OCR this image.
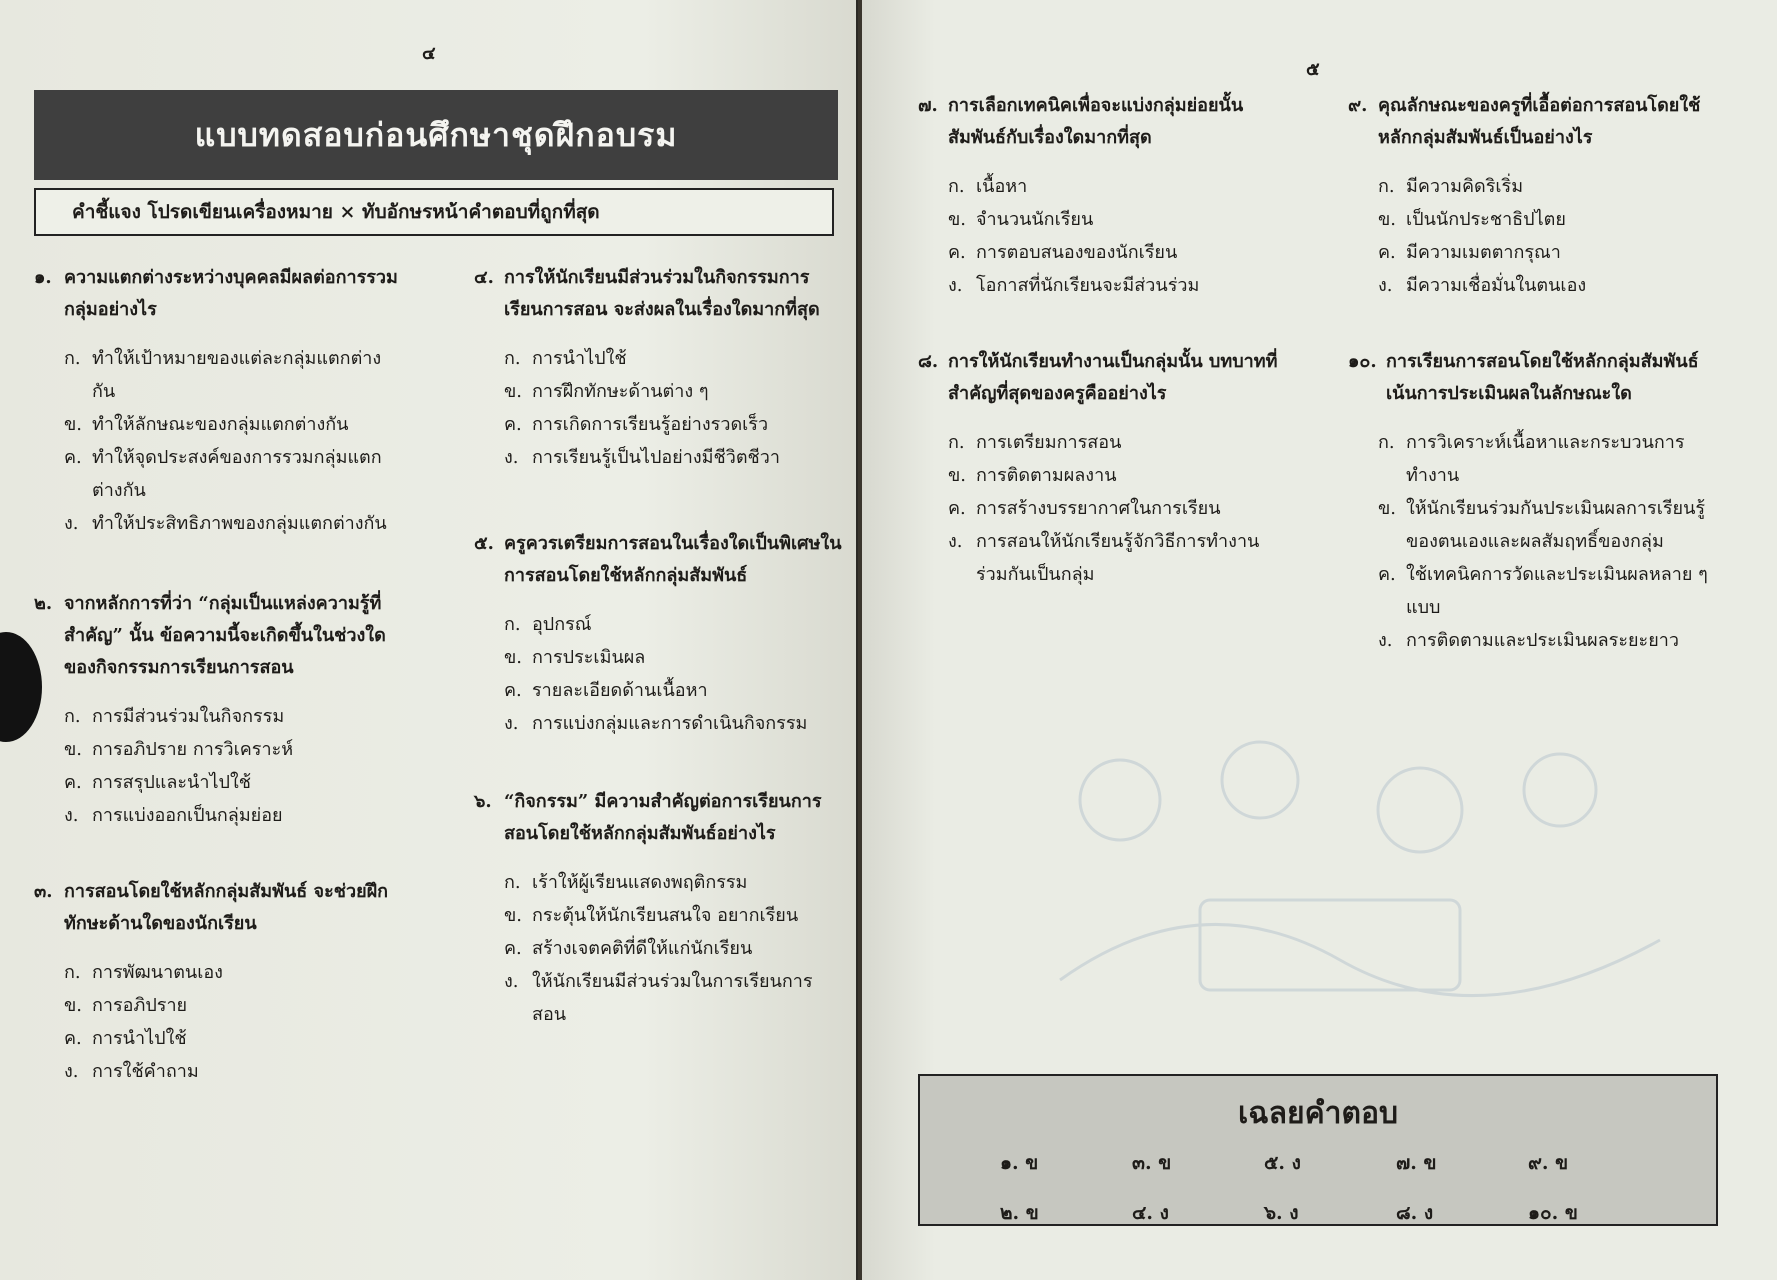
๔
แบบทดสอบก่อนศึกษาชุดฝึกอบรม
คำชี้แจง โปรดเขียนเครื่องหมาย × ทับอักษรหน้าคำตอบที่ถูกที่สุด
๕
๑. ความแตกต่างระหว่างบุคคลมีผลต่อการรวมกลุ่มอย่างไร
ก. ทำให้เป้าหมายของแต่ละกลุ่มแตกต่างกัน
ข. ทำให้ลักษณะของกลุ่มแตกต่างกัน
ค. ทำให้จุดประสงค์ของการรวมกลุ่มแตกต่างกัน
ง. ทำให้ประสิทธิภาพของกลุ่มแตกต่างกัน
๒. จากหลักการที่ว่า “กลุ่มเป็นแหล่งความรู้ที่สำคัญ” นั้น ข้อความนี้จะเกิดขึ้นในช่วงใดของกิจกรรมการเรียนการสอน
ก. การมีส่วนร่วมในกิจกรรม
ข. การอภิปราย การวิเคราะห์
ค. การสรุปและนำไปใช้
ง. การแบ่งออกเป็นกลุ่มย่อย
๓. การสอนโดยใช้หลักกลุ่มสัมพันธ์ จะช่วยฝึกทักษะด้านใดของนักเรียน
ก. การพัฒนาตนเอง
ข. การอภิปราย
ค. การนำไปใช้
ง. การใช้คำถาม
๔. การให้นักเรียนมีส่วนร่วมในกิจกรรมการเรียนการสอน จะส่งผลในเรื่องใดมากที่สุด
ก. การนำไปใช้
ข. การฝึกทักษะด้านต่าง ๆ
ค. การเกิดการเรียนรู้อย่างรวดเร็ว
ง. การเรียนรู้เป็นไปอย่างมีชีวิตชีวา
๕. ครูควรเตรียมการสอนในเรื่องใดเป็นพิเศษในการสอนโดยใช้หลักกลุ่มสัมพันธ์
ก. อุปกรณ์
ข. การประเมินผล
ค. รายละเอียดด้านเนื้อหา
ง. การแบ่งกลุ่มและการดำเนินกิจกรรม
๖. “กิจกรรม” มีความสำคัญต่อการเรียนการสอนโดยใช้หลักกลุ่มสัมพันธ์อย่างไร
ก. เร้าให้ผู้เรียนแสดงพฤติกรรม
ข. กระตุ้นให้นักเรียนสนใจ อยากเรียน
ค. สร้างเจตคติที่ดีให้แก่นักเรียน
ง. ให้นักเรียนมีส่วนร่วมในการเรียนการสอน
๗. การเลือกเทคนิคเพื่อจะแบ่งกลุ่มย่อยนั้นสัมพันธ์กับเรื่องใดมากที่สุด
ก. เนื้อหา
ข. จำนวนนักเรียน
ค. การตอบสนองของนักเรียน
ง. โอกาสที่นักเรียนจะมีส่วนร่วม
๘. การให้นักเรียนทำงานเป็นกลุ่มนั้น บทบาทที่สำคัญที่สุดของครูคืออย่างไร
ก. การเตรียมการสอน
ข. การติดตามผลงาน
ค. การสร้างบรรยากาศในการเรียน
ง. การสอนให้นักเรียนรู้จักวิธีการทำงานร่วมกันเป็นกลุ่ม
๙. คุณลักษณะของครูที่เอื้อต่อการสอนโดยใช้หลักกลุ่มสัมพันธ์เป็นอย่างไร
ก. มีความคิดริเริ่ม
ข. เป็นนักประชาธิปไตย
ค. มีความเมตตากรุณา
ง. มีความเชื่อมั่นในตนเอง
๑๐. การเรียนการสอนโดยใช้หลักกลุ่มสัมพันธ์เน้นการประเมินผลในลักษณะใด
ก. การวิเคราะห์เนื้อหาและกระบวนการทำงาน
ข. ให้นักเรียนร่วมกันประเมินผลการเรียนรู้ของตนเองและผลสัมฤทธิ์ของกลุ่ม
ค. ใช้เทคนิคการวัดและประเมินผลหลาย ๆ แบบ
ง. การติดตามและประเมินผลระยะยาว
เฉลยคำตอบ
๑. ข	๓. ข	๕. ง	๗. ข	๙. ข
๒. ข	๔. ง	๖. ง	๘. ง	๑๐. ข
